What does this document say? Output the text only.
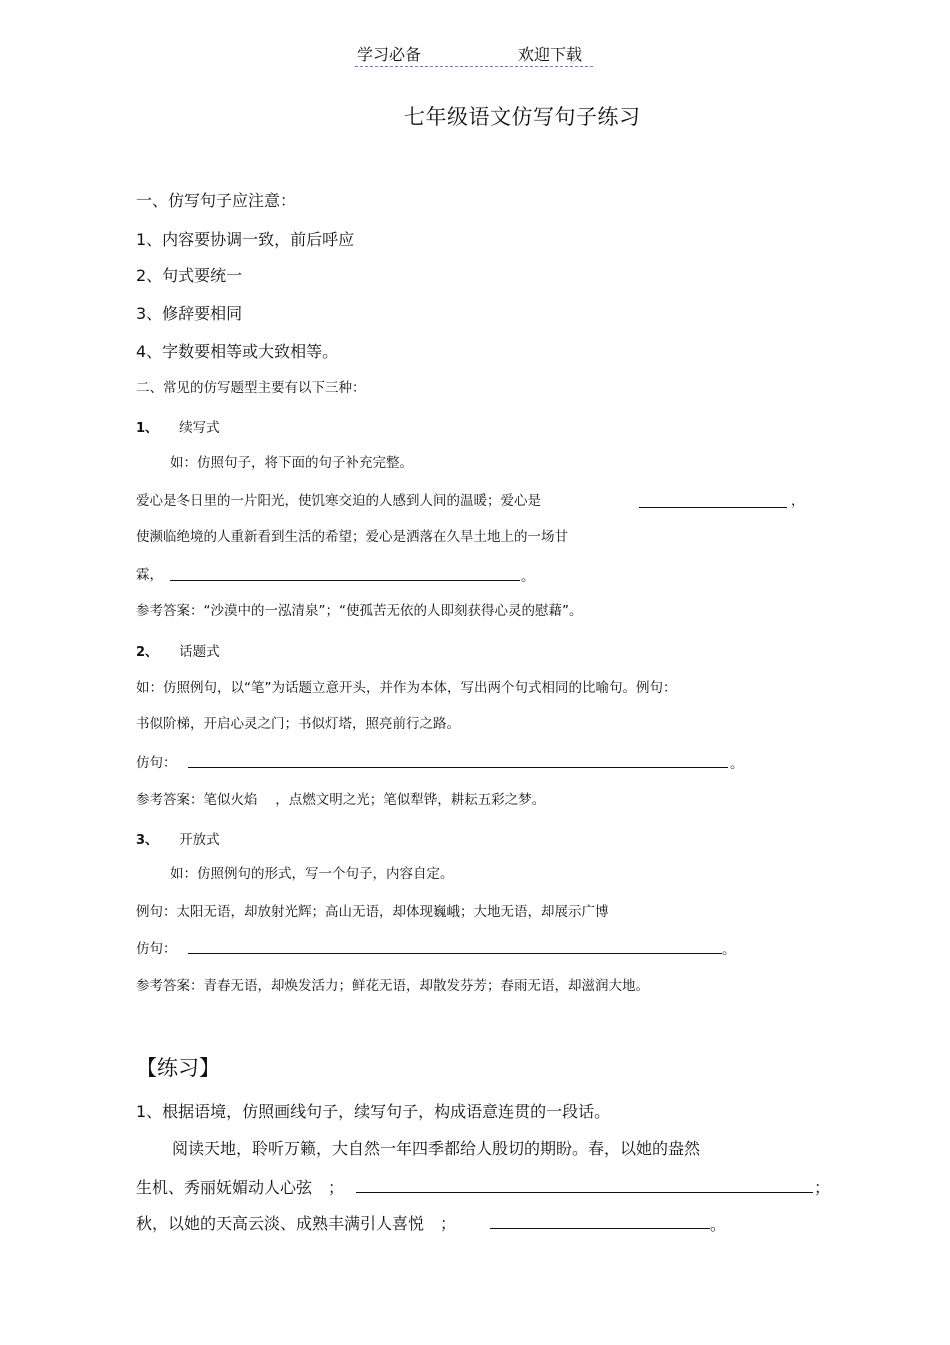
学习必备	欢迎下载
七年级语文仿写句子练习
一、仿写句子应注意：
1、内容要协调一致，前后呼应
2、句式要统一
3、修辞要相同
4、字数要相等或大致相等。
二、常见的仿写题型主要有以下三种：
1、 续写式
如：仿照句子，将下面的句子补充完整。
爱心是冬日里的一片阳光，使饥寒交迫的人感到人间的温暖；爱心是	，
使濒临绝境的人重新看到生活的希望；爱心是洒落在久旱土地上的一场甘
霖，	。
参考答案：“沙漠中的一泓清泉”；“使孤苦无依的人即刻获得心灵的慰藉”。
2、 话题式
如：仿照例句，以“笔”为话题立意开头，并作为本体，写出两个句式相同的比喻句。例句：
书似阶梯，开启心灵之门；书似灯塔，照亮前行之路。
仿句：	。
参考答案：笔似火焰　 ，点燃文明之光；笔似犁铧，耕耘五彩之梦。
3、 开放式
如：仿照例句的形式，写一个句子，内容自定。
例句：太阳无语，却放射光辉；高山无语，却体现巍峨；大地无语，却展示广博
仿句：	。
参考答案：青春无语，却焕发活力；鲜花无语，却散发芬芳；春雨无语，却滋润大地。
【练习】
1、根据语境，仿照画线句子，续写句子，构成语意连贯的一段话。
阅读天地，聆听万籁，大自然一年四季都给人殷切的期盼。春，以她的盎然
生机、秀丽妩媚动人心弦　；	；
秋，以她的天高云淡、成熟丰满引人喜悦　；	。
